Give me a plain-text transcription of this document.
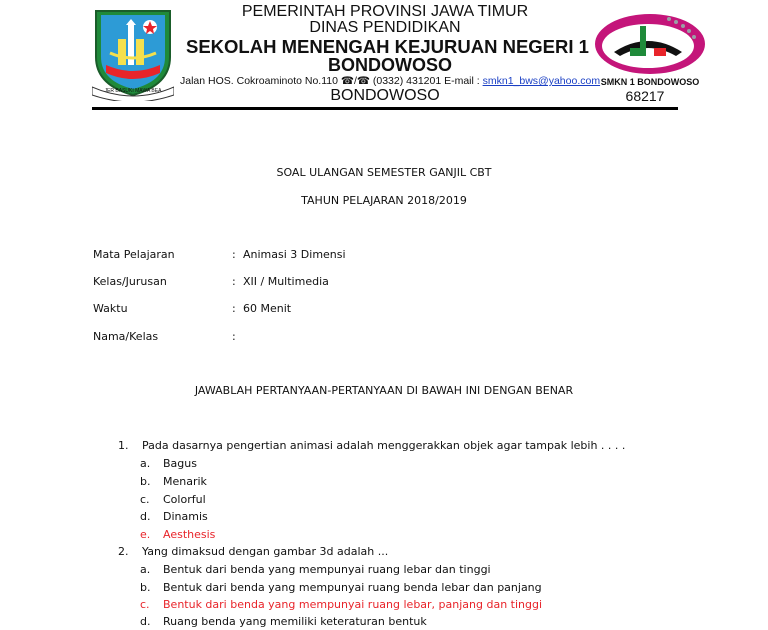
JER BASUKI MAWA BEA
PEMERINTAH PROVINSI JAWA TIMUR
DINAS PENDIDIKAN
SEKOLAH MENENGAH KEJURUAN NEGERI 1
BONDOWOSO
Jalan HOS. Cokroaminoto No.110 ☎/☎ (0332) 431201 E-mail : smkn1_bws@yahoo.com
BONDOWOSO
SMKN 1 BONDOWOSO
68217
SOAL ULANGAN SEMESTER GANJIL CBT
TAHUN PELAJARAN 2018/2019
Mata Pelajaran	: Animasi 3 Dimensi
Kelas/Jurusan	: XII / Multimedia
Waktu	: 60 Menit
Nama/Kelas	:
JAWABLAH PERTANYAAN-PERTANYAAN DI BAWAH INI DENGAN BENAR
1. Pada dasarnya pengertian animasi adalah menggerakkan objek agar tampak lebih . . . .
a. Bagus
b. Menarik
c. Colorful
d. Dinamis
e. Aesthesis
2. Yang dimaksud dengan gambar 3d adalah ...
a. Bentuk dari benda yang mempunyai ruang lebar dan tinggi
b. Bentuk dari benda yang mempunyai ruang benda lebar dan panjang
c. Bentuk dari benda yang mempunyai ruang lebar, panjang dan tinggi
d. Ruang benda yang memiliki keteraturan bentuk
